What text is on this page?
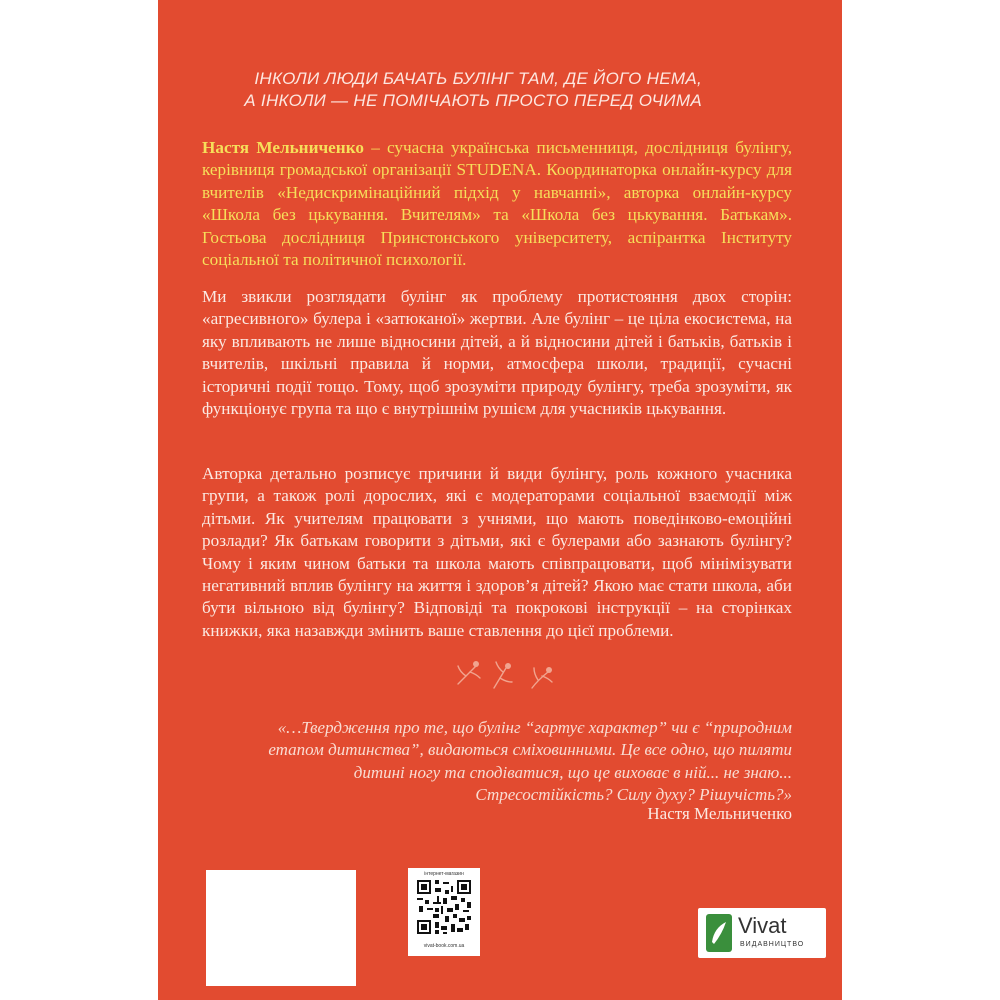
ІНКОЛИ ЛЮДИ БАЧАТЬ БУЛІНГ ТАМ, ДЕ ЙОГО НЕМА,
А ІНКОЛИ — НЕ ПОМІЧАЮТЬ ПРОСТО ПЕРЕД ОЧИМА
Настя Мельниченко – сучасна українська письменниця, дослідниця булінгу, керівниця громадської організації STUDENA. Координаторка онлайн-курсу для вчителів «Недискримінаційний підхід у навчанні», авторка онлайн-курсу «Школа без цькування. Вчителям» та «Школа без цькування. Батькам». Гостьова дослідниця Принстонського університету, аспірантка Інституту соціальної та політичної психології.
Ми звикли розглядати булінг як проблему протистояння двох сторін: «агресивного» булера і «затюканої» жертви. Але булінг – це ціла екосистема, на яку впливають не лише відносини дітей, а й відносини дітей і батьків, батьків і вчителів, шкільні правила й норми, атмосфера школи, традиції, сучасні історичні події тощо. Тому, щоб зрозуміти природу булінгу, треба зрозуміти, як функціонує група та що є внутрішнім рушієм для учасників цькування.
Авторка детально розписує причини й види булінгу, роль кожного учасника групи, а також ролі дорослих, які є модераторами соціальної взаємодії між дітьми. Як учителям працювати з учнями, що мають поведінково-емоційні розлади? Як батькам говорити з дітьми, які є булерами або зазнають булінгу? Чому і яким чином батьки та школа мають співпрацювати, щоб мінімізувати негативний вплив булінгу на життя і здоров’я дітей? Якою має стати школа, аби бути вільною від булінгу? Відповіді та покрокові інструкції – на сторінках книжки, яка назавжди змінить ваше ставлення до цієї проблеми.
«…Твердження про те, що булінг “гартує характер” чи є “природним етапом дитинства”, видаються сміховинними. Це все одно, що пиляти дитині ногу та сподіватися, що це виховає в ній... не знаю... Стресостійкість? Силу духу? Рішучість?»
Настя Мельниченко
інтернет-магазин
vivat-book.com.ua
Vivat
ВИДАВНИЦТВО
